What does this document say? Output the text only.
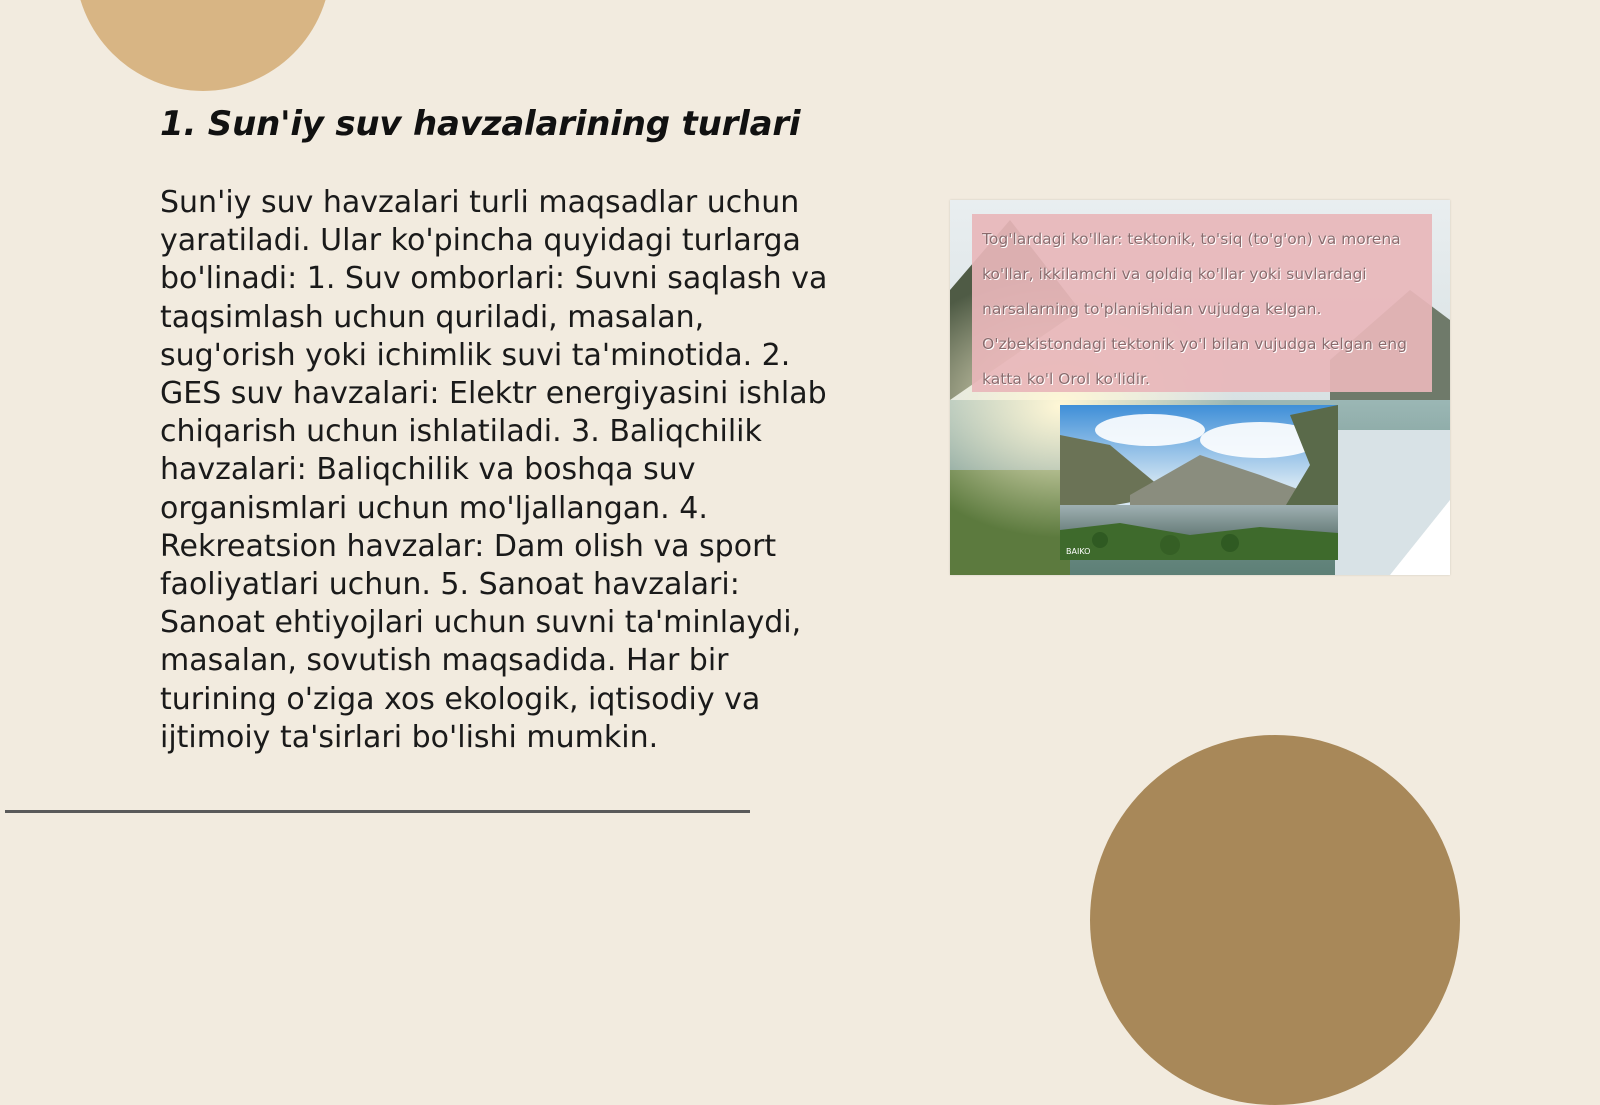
1. Sun'iy suv havzalarining turlari

Sun'iy suv havzalari turli maqsadlar uchun yaratiladi. Ular ko'pincha quyidagi turlarga bo'linadi: 1. Suv omborlari: Suvni saqlash va taqsimlash uchun quriladi, masalan, sug'orish yoki ichimlik suvi ta'minotida. 2. GES suv havzalari: Elektr energiyasini ishlab chiqarish uchun ishlatiladi. 3. Baliqchilik havzalari: Baliqchilik va boshqa suv organismlari uchun mo'ljallangan. 4. Rekreatsion havzalar: Dam olish va sport faoliyatlari uchun. 5. Sanoat havzalari: Sanoat ehtiyojlari uchun suvni ta'minlaydi, masalan, sovutish maqsadida. Har bir turining o'ziga xos ekologik, iqtisodiy va ijtimoiy ta'sirlari bo'lishi mumkin.

Tog'lardagi ko'llar: tektonik, to'siq (to'g'on) va morena ko'llar, ikkilamchi va qoldiq ko'llar yoki suvlardagi narsalarning to'planishidan vujudga kelgan. O'zbekistondagi tektonik yo'l bilan vujudga kelgan eng katta ko'l Orol ko'lidir.
BAIKO
